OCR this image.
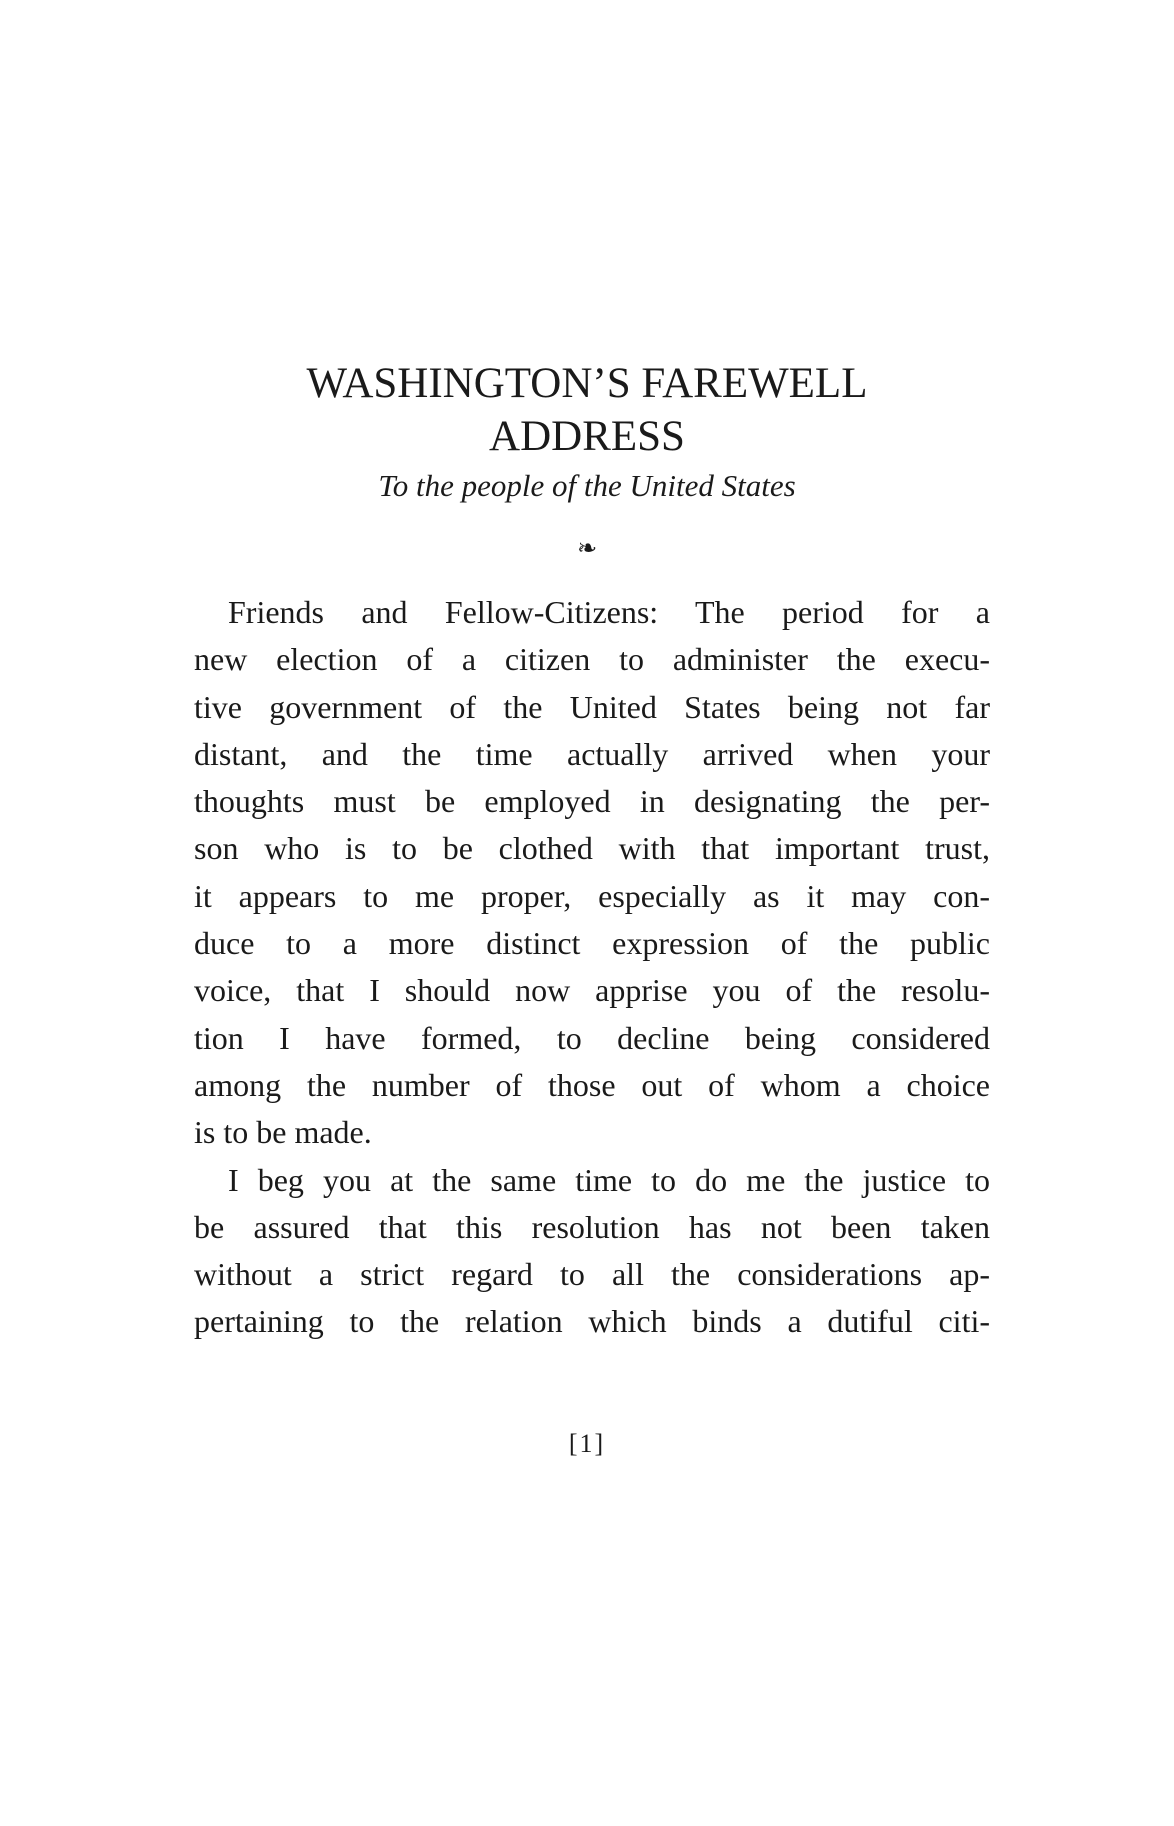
WASHINGTON’S FAREWELL
ADDRESS

To the people of the United States

❧
Friends and Fellow-Citizens: The period for a
new election of a citizen to administer the execu-
tive government of the United States being not far
distant, and the time actually arrived when your
thoughts must be employed in designating the per-
son who is to be clothed with that important trust,
it appears to me proper, especially as it may con-
duce to a more distinct expression of the public
voice, that I should now apprise you of the resolu-
tion I have formed, to decline being considered
among the number of those out of whom a choice
is to be made.
I beg you at the same time to do me the justice to
be assured that this resolution has not been taken
without a strict regard to all the considerations ap-
pertaining to the relation which binds a dutiful citi-
[1]
